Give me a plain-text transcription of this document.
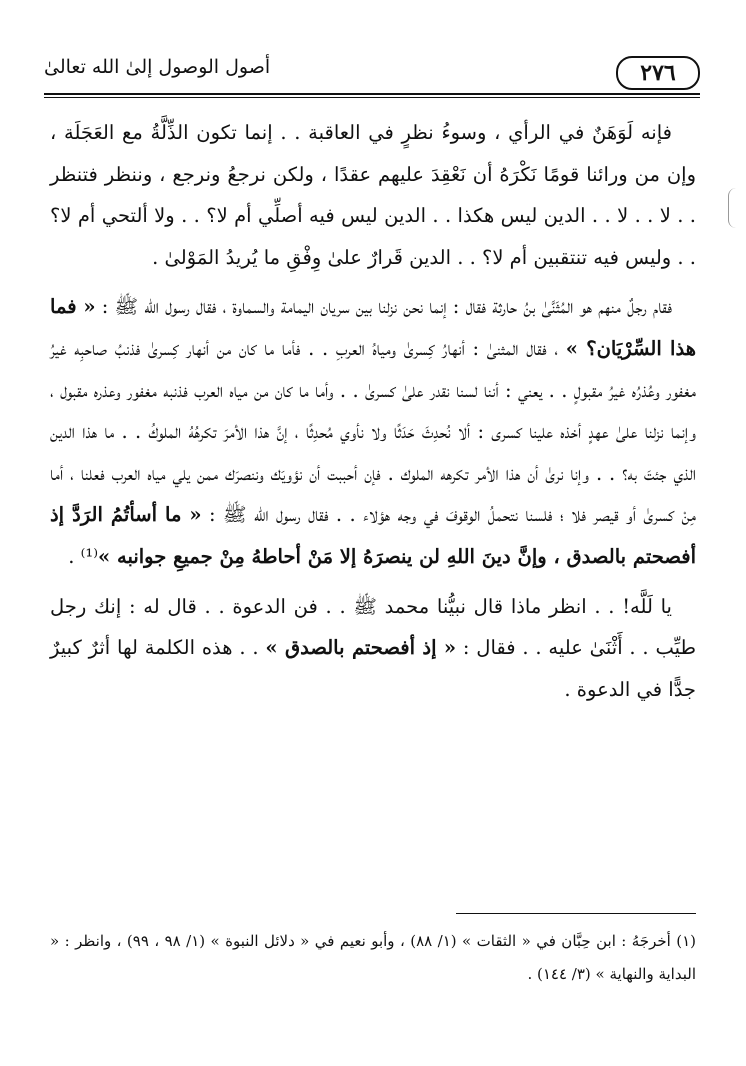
٢٧٦
أصول الوصول إلىٰ الله تعالىٰ

فإنه لَوَهَنٌ في الرأي ، وسوءُ نظرٍ في العاقبة . . إنما تكون الذِّلَّةُ مع العَجَلَة ، وإن من ورائنا قومًا نَكْرَهُ أن نَعْقِدَ عليهم عقدًا ، ولكن نرجعُ ونرجع ، وننظر فتنظر . . لا . . لا . . الدين ليس هكذا . . الدين ليس فيه أصلِّي أم لا؟ . . ولا ألتحي أم لا؟ . . وليس فيه تنتقبين أم لا؟ . . الدين قَرارٌ علىٰ وِفْقِ ما يُريدُ المَوْلىٰ .

فقام رجلٌ منهم هو المُثَنَّىٰ بنُ حارثة فقال : إنما نحن نزلنا بين سريان اليمامة والسماوة ، فقال رسول الله ﷺ : « فما هذا السِّرْيَان؟ » ، فقال المثنىٰ : أنهارُ كِسرىٰ ومياهُ العربِ . . فأما ما كان من أنهار كِسرىٰ فذنبُ صاحبِه غيرُ مغفور وعُذرُه غيرُ مقبولٍ . . يعني : أننا لسنا نقدر علىٰ كسرىٰ . . وأما ما كان من مياه العرب فذنبه مغفور وعذره مقبول ، وإنما نزلنا علىٰ عهدٍ أخذه علينا كسرى : ألا نُحدِثَ حَدَثًا ولا نأوي مُحدِثًا ، إنَّ هذا الأمرَ تكرهُهُ الملوكُ . . ما هذا الدين الذي جئتَ به؟ . . وإنا نرىٰ أن هذا الأمر تكرهه الملوك . فإن أحببت أن نؤويَك وننصرَك ممن يلي مياه العرب فعلنا ، أما مِنْ كسرىٰ أو قيصر فلا ؛ فلسنا نتحملُ الوقوفَ في وجه هؤلاء . . فقال رسول الله ﷺ : « ما أسأتُمُ الرَدَّ إذ أفصحتم بالصدق ، وإنَّ دينَ اللهِ لن ينصرَهُ إلا مَنْ أحاطهُ مِنْ جميعِ جوانبه »⁽¹⁾ .

يا لَلَّه! . . انظر ماذا قال نبيُّنا محمد ﷺ . . فن الدعوة . . قال له : إنك رجل طيِّب . . أَثْنَىٰ عليه . . فقال : « إذ أفصحتم بالصدق » . . هذه الكلمة لها أثرٌ كبيرٌ جدًّا في الدعوة .

(١) أخرجَهُ : ابن حِبَّان في « الثقات » (١/ ٨٨) ، وأبو نعيم في « دلائل النبوة » (١/ ٩٨ ، ٩٩) ، وانظر : « البداية والنهاية » (٣/ ١٤٤) .
